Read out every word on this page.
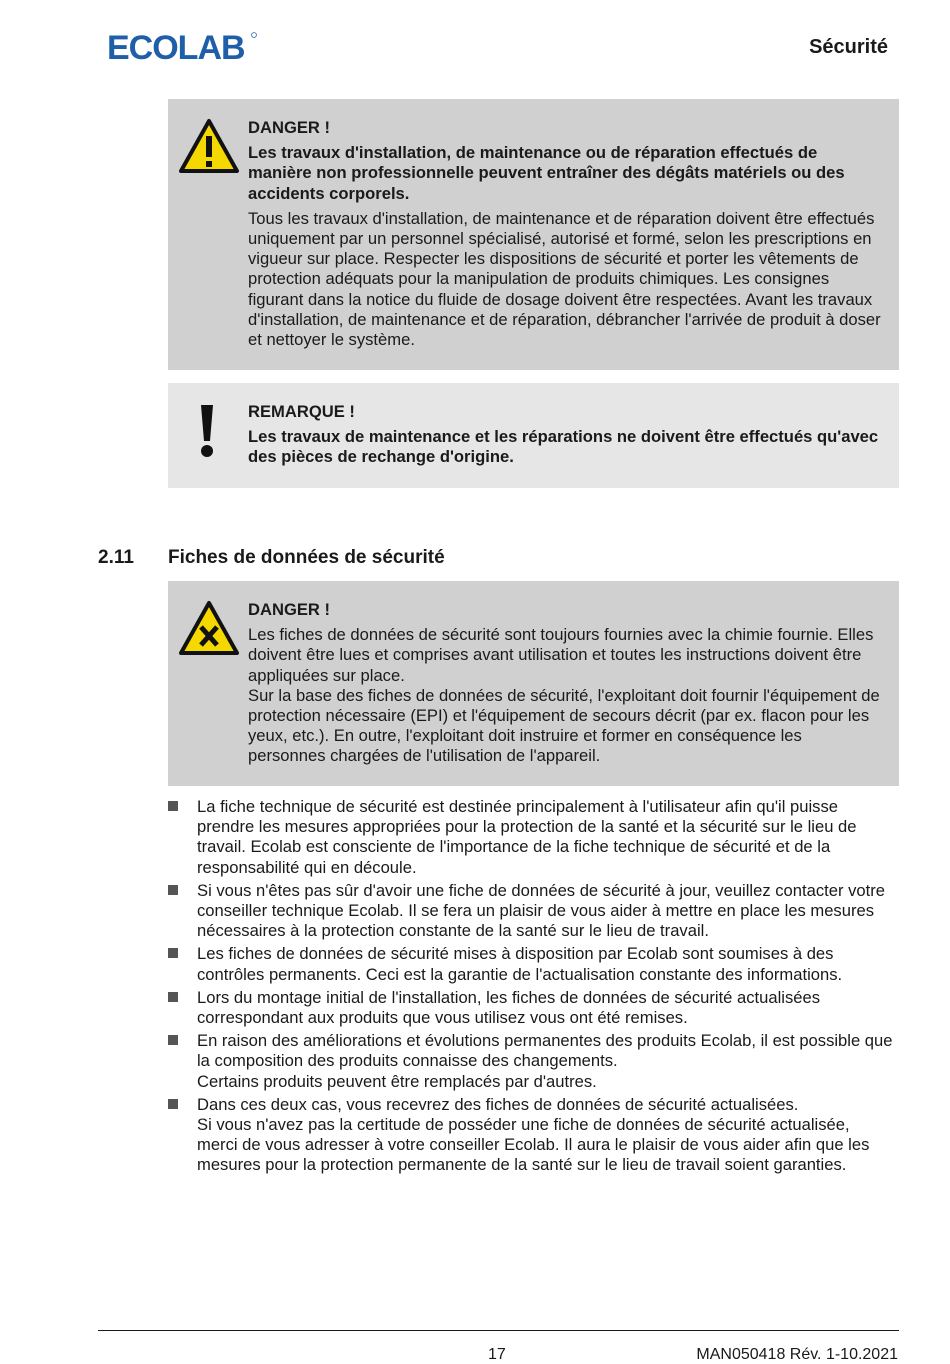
ECOLAB	Sécurité
DANGER !

Les travaux d'installation, de maintenance ou de réparation effectués de manière non professionnelle peuvent entraîner des dégâts matériels ou des accidents corporels.

Tous les travaux d'installation, de maintenance et de réparation doivent être effectués uniquement par un personnel spécialisé, autorisé et formé, selon les prescriptions en vigueur sur place. Respecter les dispositions de sécurité et porter les vêtements de protection adéquats pour la manipulation de produits chimiques. Les consignes figurant dans la notice du fluide de dosage doivent être respectées. Avant les travaux d'installation, de maintenance et de réparation, débrancher l'arrivée de produit à doser et nettoyer le système.

REMARQUE !

Les travaux de maintenance et les réparations ne doivent être effectués qu'avec des pièces de rechange d'origine.

2.11 Fiches de données de sécurité
DANGER !

Les fiches de données de sécurité sont toujours fournies avec la chimie fournie. Elles doivent être lues et comprises avant utilisation et toutes les instructions doivent être appliquées sur place.

Sur la base des fiches de données de sécurité, l'exploitant doit fournir l'équipement de protection nécessaire (EPI) et l'équipement de secours décrit (par ex. flacon pour les yeux, etc.). En outre, l'exploitant doit instruire et former en conséquence les personnes chargées de l'utilisation de l'appareil.

La fiche technique de sécurité est destinée principalement à l'utilisateur afin qu'il puisse prendre les mesures appropriées pour la protection de la santé et la sécurité sur le lieu de travail. Ecolab est consciente de l'importance de la fiche technique de sécurité et de la responsabilité qui en découle.
Si vous n'êtes pas sûr d'avoir une fiche de données de sécurité à jour, veuillez contacter votre conseiller technique Ecolab. Il se fera un plaisir de vous aider à mettre en place les mesures nécessaires à la protection constante de la santé sur le lieu de travail.
Les fiches de données de sécurité mises à disposition par Ecolab sont soumises à des contrôles permanents. Ceci est la garantie de l'actualisation constante des informations.
Lors du montage initial de l'installation, les fiches de données de sécurité actualisées correspondant aux produits que vous utilisez vous ont été remises.
En raison des améliorations et évolutions permanentes des produits Ecolab, il est possible que la composition des produits connaisse des changements.
Certains produits peuvent être remplacés par d'autres.
Dans ces deux cas, vous recevrez des fiches de données de sécurité actualisées.
Si vous n'avez pas la certitude de posséder une fiche de données de sécurité actualisée, merci de vous adresser à votre conseiller Ecolab. Il aura le plaisir de vous aider afin que les mesures pour la protection permanente de la santé sur le lieu de travail soient garanties.
17	MAN050418 Rév. 1-10.2021
